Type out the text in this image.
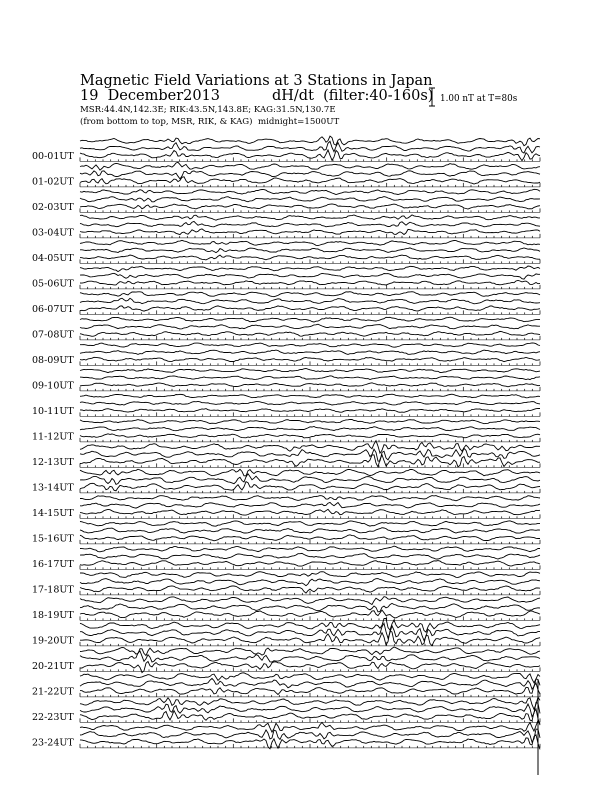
Magnetic Field Variations at 3 Stations in Japan
19  December2013	dH/dt  (filter:40-160s)
MSR:44.4N,142.3E; RIK:43.5N,143.8E; KAG:31.5N,130.7E
(from bottom to top, MSR, RIK, & KAG)  midnight=1500UT
1.00 nT at T=80s
00-01UT
01-02UT
02-03UT
03-04UT
04-05UT
05-06UT
06-07UT
07-08UT
08-09UT
09-10UT
10-11UT
11-12UT
12-13UT
13-14UT
14-15UT
15-16UT
16-17UT
17-18UT
18-19UT
19-20UT
20-21UT
21-22UT
22-23UT
23-24UT
